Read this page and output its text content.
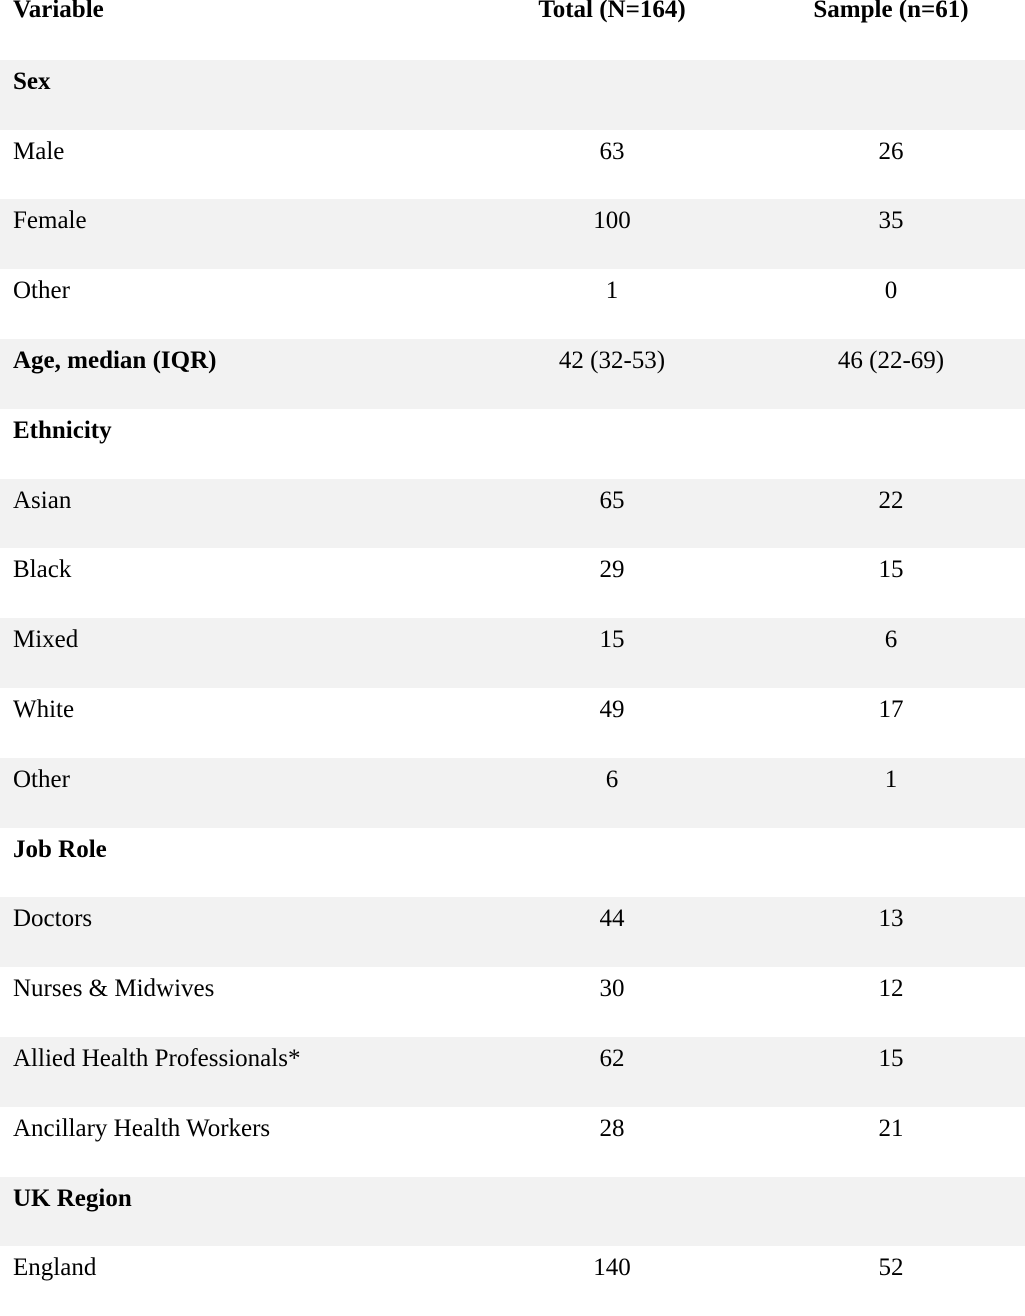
Variable	Total (N=164)	Sample (n=61)
Sex
Male	63	26
Female	100	35
Other	1	0
Age, median (IQR)	42 (32-53)	46 (22-69)
Ethnicity
Asian	65	22
Black	29	15
Mixed	15	6
White	49	17
Other	6	1
Job Role
Doctors	44	13
Nurses & Midwives	30	12
Allied Health Professionals*	62	15
Ancillary Health Workers	28	21
UK Region
England	140	52
